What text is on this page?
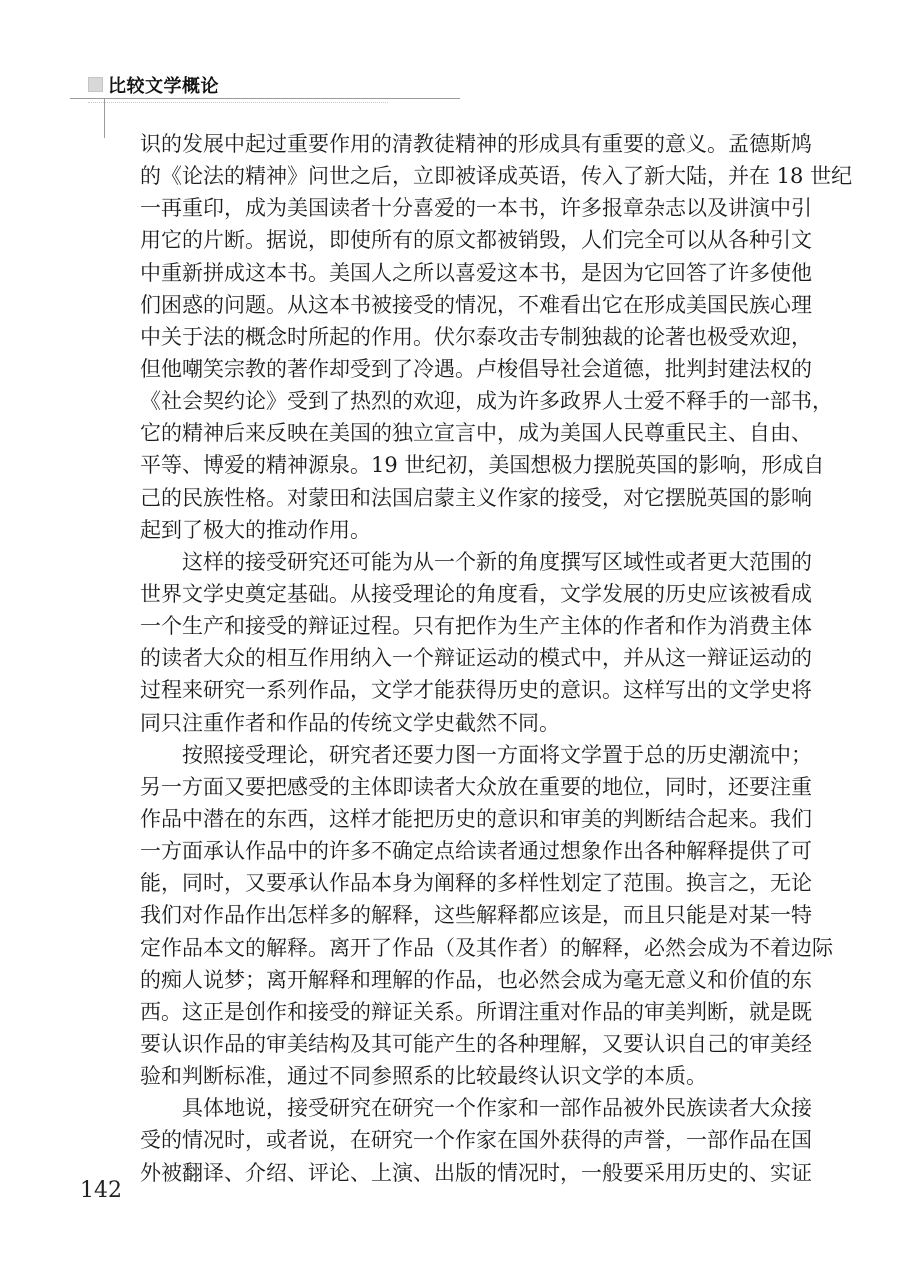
比较文学概论
识的发展中起过重要作用的清教徒精神的形成具有重要的意义。孟德斯鸠
的《论法的精神》问世之后，立即被译成英语，传入了新大陆，并在 18 世纪
一再重印，成为美国读者十分喜爱的一本书，许多报章杂志以及讲演中引
用它的片断。据说，即使所有的原文都被销毁，人们完全可以从各种引文
中重新拼成这本书。美国人之所以喜爱这本书，是因为它回答了许多使他
们困惑的问题。从这本书被接受的情况，不难看出它在形成美国民族心理
中关于法的概念时所起的作用。伏尔泰攻击专制独裁的论著也极受欢迎，
但他嘲笑宗教的著作却受到了冷遇。卢梭倡导社会道德，批判封建法权的
《社会契约论》受到了热烈的欢迎，成为许多政界人士爱不释手的一部书，
它的精神后来反映在美国的独立宣言中，成为美国人民尊重民主、自由、
平等、博爱的精神源泉。19 世纪初，美国想极力摆脱英国的影响，形成自
己的民族性格。对蒙田和法国启蒙主义作家的接受，对它摆脱英国的影响
起到了极大的推动作用。
这样的接受研究还可能为从一个新的角度撰写区域性或者更大范围的
世界文学史奠定基础。从接受理论的角度看，文学发展的历史应该被看成
一个生产和接受的辩证过程。只有把作为生产主体的作者和作为消费主体
的读者大众的相互作用纳入一个辩证运动的模式中，并从这一辩证运动的
过程来研究一系列作品，文学才能获得历史的意识。这样写出的文学史将
同只注重作者和作品的传统文学史截然不同。
按照接受理论，研究者还要力图一方面将文学置于总的历史潮流中；
另一方面又要把感受的主体即读者大众放在重要的地位，同时，还要注重
作品中潜在的东西，这样才能把历史的意识和审美的判断结合起来。我们
一方面承认作品中的许多不确定点给读者通过想象作出各种解释提供了可
能，同时，又要承认作品本身为阐释的多样性划定了范围。换言之，无论
我们对作品作出怎样多的解释，这些解释都应该是，而且只能是对某一特
定作品本文的解释。离开了作品（及其作者）的解释，必然会成为不着边际
的痴人说梦；离开解释和理解的作品，也必然会成为毫无意义和价值的东
西。这正是创作和接受的辩证关系。所谓注重对作品的审美判断，就是既
要认识作品的审美结构及其可能产生的各种理解，又要认识自己的审美经
验和判断标准，通过不同参照系的比较最终认识文学的本质。
具体地说，接受研究在研究一个作家和一部作品被外民族读者大众接
受的情况时，或者说，在研究一个作家在国外获得的声誉，一部作品在国
外被翻译、介绍、评论、上演、出版的情况时，一般要采用历史的、实证
142
